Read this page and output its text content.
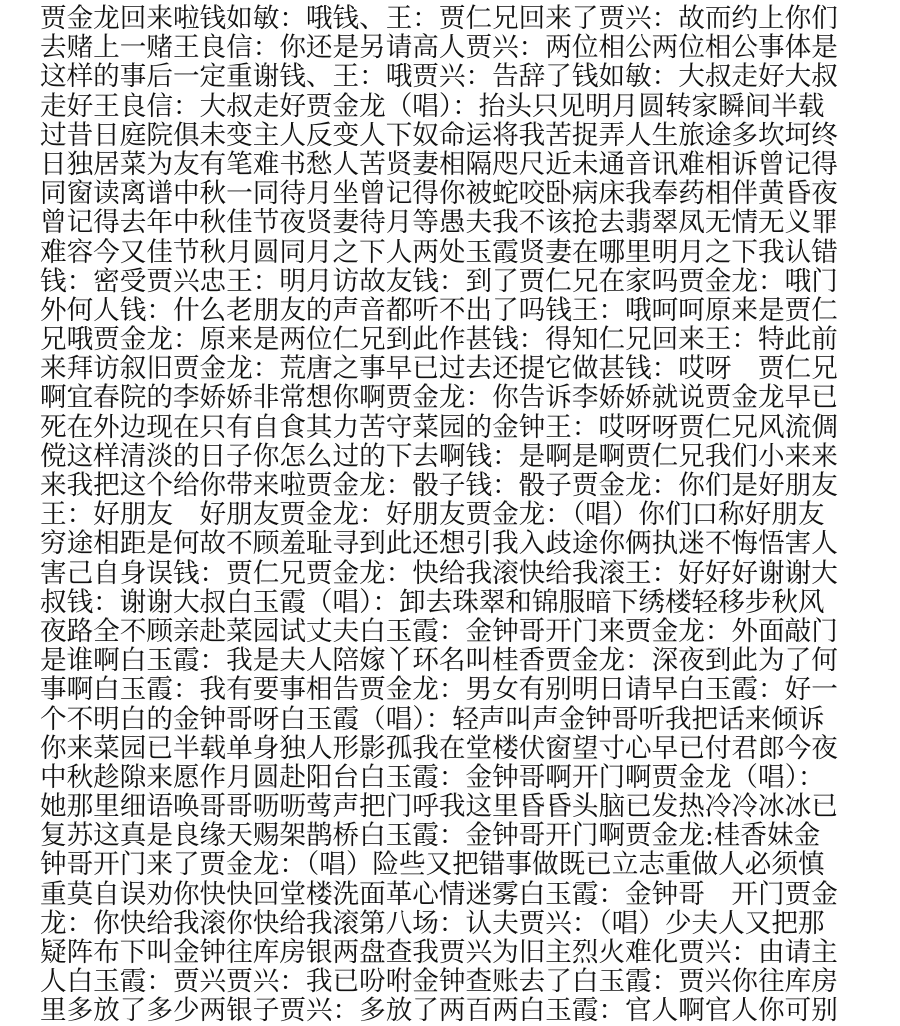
贾金龙回来啦钱如敏：哦钱、王：贾仁兄回来了贾兴：故而约上你们
去赌上一赌王良信：你还是另请高人贾兴：两位相公两位相公事体是
这样的事后一定重谢钱、王：哦贾兴：告辞了钱如敏：大叔走好大叔
走好王良信：大叔走好贾金龙（唱）：抬头只见明月圆转家瞬间半载
过昔日庭院俱未变主人反变人下奴命运将我苦捉弄人生旅途多坎坷终
日独居菜为友有笔难书愁人苦贤妻相隔咫尺近未通音讯难相诉曾记得
同窗读离谱中秋一同待月坐曾记得你被蛇咬卧病床我奉药相伴黄昏夜
曾记得去年中秋佳节夜贤妻待月等愚夫我不该抢去翡翠凤无情无义罪
难容今又佳节秋月圆同月之下人两处玉霞贤妻在哪里明月之下我认错
钱：密受贾兴忠王：明月访故友钱：到了贾仁兄在家吗贾金龙：哦门
外何人钱：什么老朋友的声音都听不出了吗钱王：哦呵呵原来是贾仁
兄哦贾金龙：原来是两位仁兄到此作甚钱：得知仁兄回来王：特此前
来拜访叙旧贾金龙：荒唐之事早已过去还提它做甚钱：哎呀　贾仁兄
啊宜春院的李娇娇非常想你啊贾金龙：你告诉李娇娇就说贾金龙早已
死在外边现在只有自食其力苦守菜园的金钟王：哎呀呀贾仁兄风流倜
傥这样清淡的日子你怎么过的下去啊钱：是啊是啊贾仁兄我们小来来
来我把这个给你带来啦贾金龙：骰子钱：骰子贾金龙：你们是好朋友
王：好朋友　好朋友贾金龙：好朋友贾金龙：（唱）你们口称好朋友
穷途相距是何故不顾羞耻寻到此还想引我入歧途你俩执迷不悔悟害人
害己自身误钱：贾仁兄贾金龙：快给我滚快给我滚王：好好好谢谢大
叔钱：谢谢大叔白玉霞（唱）：卸去珠翠和锦服暗下绣楼轻移步秋风
夜路全不顾亲赴菜园试丈夫白玉霞：金钟哥开门来贾金龙：外面敲门
是谁啊白玉霞：我是夫人陪嫁丫环名叫桂香贾金龙：深夜到此为了何
事啊白玉霞：我有要事相告贾金龙：男女有别明日请早白玉霞：好一
个不明白的金钟哥呀白玉霞（唱）：轻声叫声金钟哥听我把话来倾诉
你来菜园已半载单身独人形影孤我在堂楼伏窗望寸心早已付君郎今夜
中秋趁隙来愿作月圆赴阳台白玉霞：金钟哥啊开门啊贾金龙（唱）：
她那里细语唤哥哥呖呖莺声把门呼我这里昏昏头脑已发热冷冷冰冰已
复苏这真是良缘天赐架鹊桥白玉霞：金钟哥开门啊贾金龙:桂香妹金
钟哥开门来了贾金龙：（唱）险些又把错事做既已立志重做人必须慎
重莫自误劝你快快回堂楼洗面革心情迷雾白玉霞：金钟哥　开门贾金
龙：你快给我滚你快给我滚第八场：认夫贾兴：（唱）少夫人又把那
疑阵布下叫金钟往库房银两盘查我贾兴为旧主烈火难化贾兴：由请主
人白玉霞：贾兴贾兴：我已吩咐金钟查账去了白玉霞：贾兴你往库房
里多放了多少两银子贾兴：多放了两百两白玉霞：官人啊官人你可别
